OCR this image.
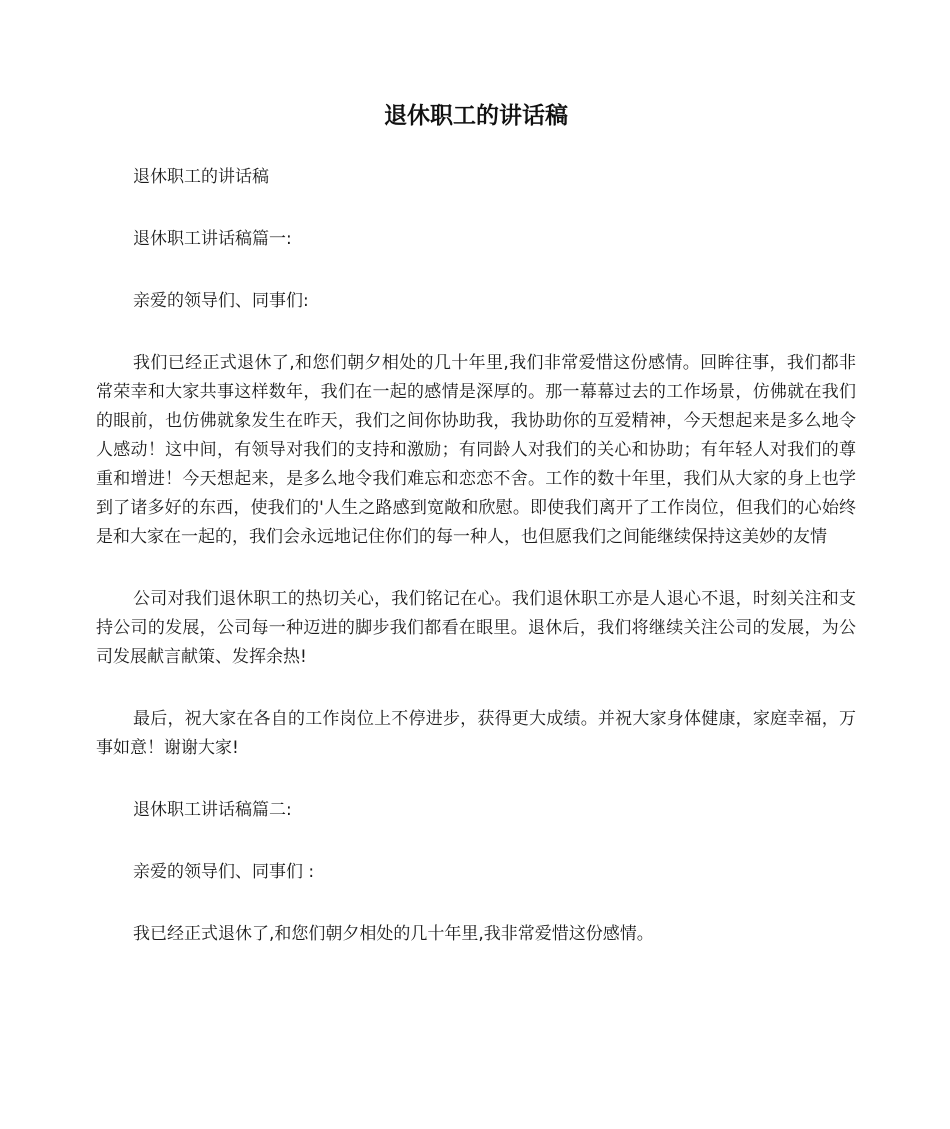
退休职工的讲话稿

退休职工的讲话稿

退休职工讲话稿篇一:

亲爱的领导们、同事们:

我们已经正式退休了,和您们朝夕相处的几十年里,我们非常爱惜这份感情。回眸往事，我们都非常荣幸和大家共事这样数年，我们在一起的感情是深厚的。那一幕幕过去的工作场景，仿佛就在我们的眼前，也仿佛就象发生在昨天，我们之间你协助我，我协助你的互爱精神，今天想起来是多么地令人感动！这中间，有领导对我们的支持和激励；有同龄人对我们的关心和协助；有年轻人对我们的尊重和增进！今天想起来，是多么地令我们难忘和恋恋不舍。工作的数十年里，我们从大家的身上也学到了诸多好的东西，使我们的'人生之路感到宽敞和欣慰。即使我们离开了工作岗位，但我们的心始终是和大家在一起的，我们会永远地记住你们的每一种人，也但愿我们之间能继续保持这美妙的友情

公司对我们退休职工的热切关心，我们铭记在心。我们退休职工亦是人退心不退，时刻关注和支持公司的发展，公司每一种迈进的脚步我们都看在眼里。退休后，我们将继续关注公司的发展，为公司发展献言献策、发挥余热!

最后，祝大家在各自的工作岗位上不停进步，获得更大成绩。并祝大家身体健康，家庭幸福，万事如意！谢谢大家!

退休职工讲话稿篇二:

亲爱的领导们、同事们 :

我已经正式退休了,和您们朝夕相处的几十年里,我非常爱惜这份感情。
